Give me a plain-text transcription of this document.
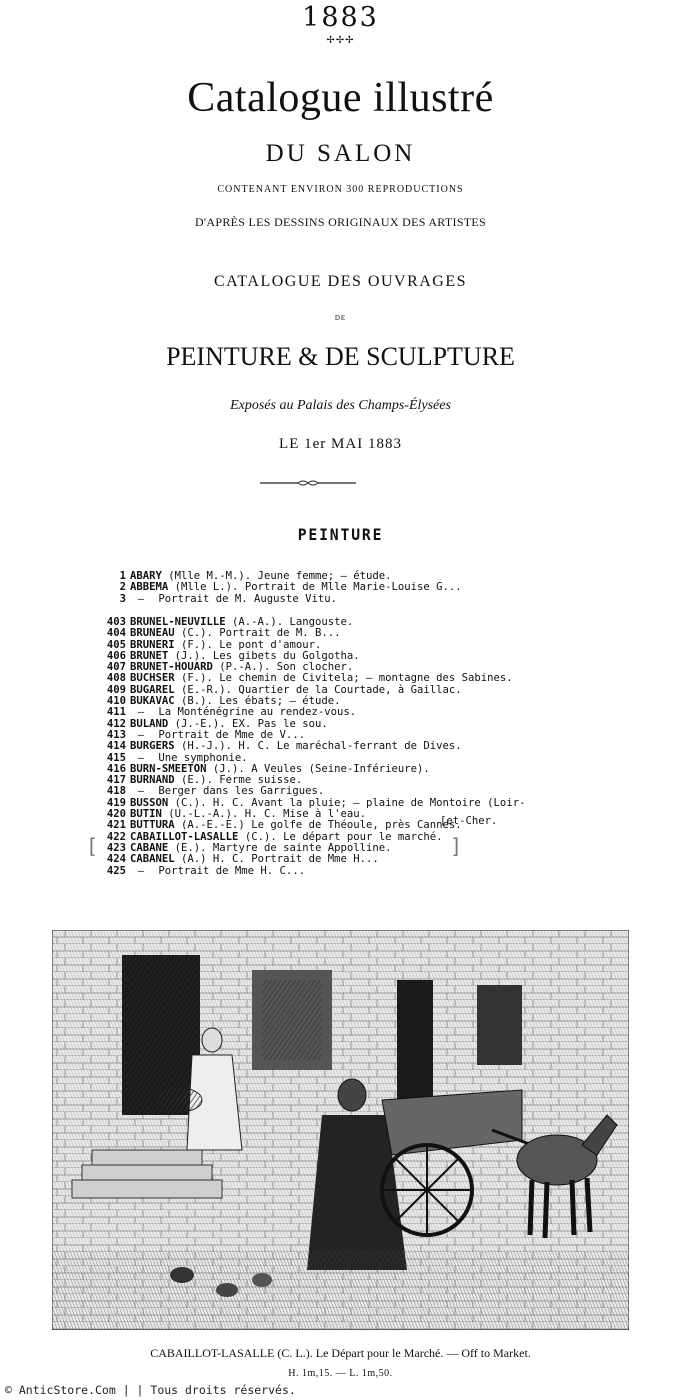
1883
✢✢✢
Catalogue illustré
DU SALON
CONTENANT ENVIRON 300 REPRODUCTIONS
D'APRÈS LES DESSINS ORIGINAUX DES ARTISTES
CATALOGUE DES OUVRAGES
DE
PEINTURE & DE SCULPTURE
Exposés au Palais des Champs-Élysées
LE 1er MAI 1883
PEINTURE
1 ABARY (Mlle M.-M.). Jeune femme; — étude.
2 ABBEMA (Mlle L.). Portrait de Mlle Marie-Louise G...
3 — Portrait de M. Auguste Vitu.
403 BRUNEL-NEUVILLE (A.-A.). Langouste.
404 BRUNEAU (C.). Portrait de M. B...
405 BRUNERI (F.). Le pont d'amour.
406 BRUNET (J.). Les gibets du Golgotha.
407 BRUNET-HOUARD (P.-A.). Son clocher.
408 BUCHSER (F.). Le chemin de Civitela; — montagne des Sabines.
409 BUGAREL (E.-R.). Quartier de la Courtade, à Gaillac.
410 BUKAVAC (B.). Les ébats; — étude.
411 — La Monténégrine au rendez-vous.
412 BULAND (J.-E.). EX. Pas le sou.
413 — Portrait de Mme de V...
414 BURGERS (H.-J.). H. C. Le maréchal-ferrant de Dives.
415 — Une symphonie.
416 BURN-SMEETON (J.). A Veules (Seine-Inférieure).
417 BURNAND (E.). Ferme suisse.
418 — Berger dans les Garrigues.
419 BUSSON (C.). H. C. Avant la pluie; — plaine de Montoire (Loir-
420 BUTIN (U.-L.-A.). H. C. Mise à l'eau.
421 BUTTURA (A.-E.-E.) Le golfe de Théoule, près Cannes.
422 CABAILLOT-LASALLE (C.). Le départ pour le marché.
423 CABANE (E.). Martyre de sainte Appolline.
424 CABANEL (A.) H. C. Portrait de Mme H...
425 — Portrait de Mme H. C...
[et-Cher.
[	]
CABAILLOT-LASALLE (C. L.). Le Départ pour le Marché. — Off to Market.
H. 1m,15. — L. 1m,50.
© AnticStore.Com | | Tous droits réservés.
